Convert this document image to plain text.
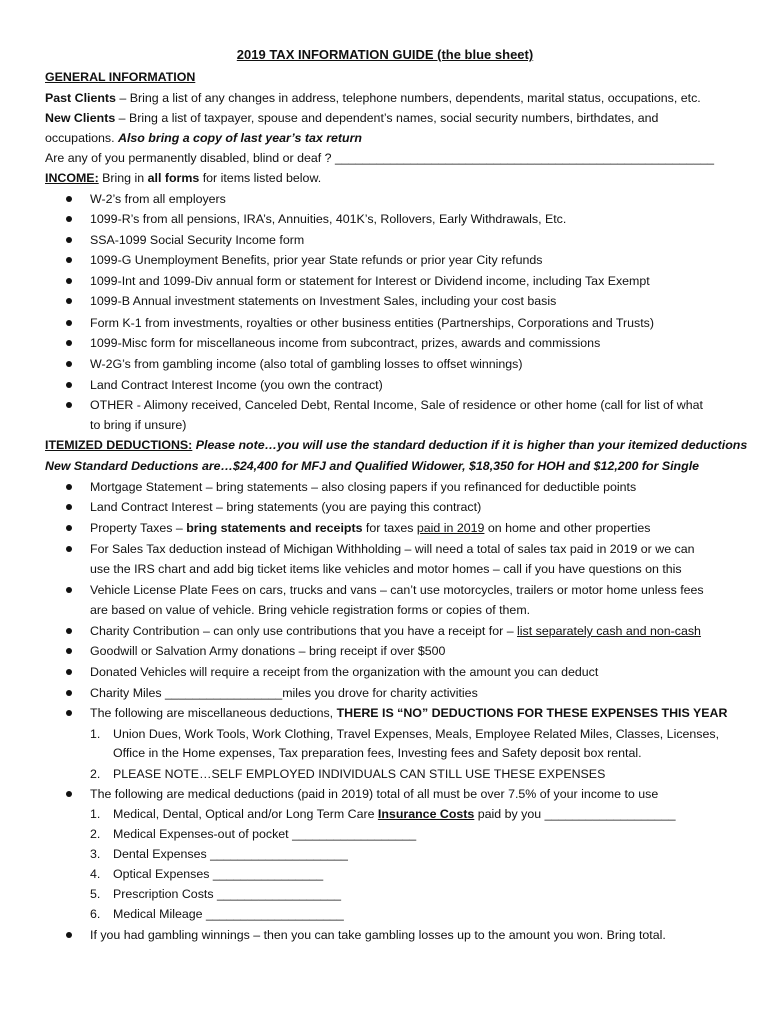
2019 TAX INFORMATION GUIDE (the blue sheet)
GENERAL INFORMATION
Past Clients – Bring a list of any changes in address, telephone numbers, dependents, marital status, occupations, etc.
New Clients – Bring a list of taxpayer, spouse and dependent’s names, social security numbers, birthdates, and
occupations. Also bring a copy of last year’s tax return
Are any of you permanently disabled, blind or deaf ? _______________________________________________________
INCOME: Bring in all forms for items listed below.
W-2’s from all employers
1099-R’s from all pensions, IRA’s, Annuities, 401K’s, Rollovers, Early Withdrawals, Etc.
SSA-1099 Social Security Income form
1099-G Unemployment Benefits, prior year State refunds or prior year City refunds
1099-Int and 1099-Div annual form or statement for Interest or Dividend income, including Tax Exempt
1099-B Annual investment statements on Investment Sales, including your cost basis
Form K-1 from investments, royalties or other business entities (Partnerships, Corporations and Trusts)
1099-Misc form for miscellaneous income from subcontract, prizes, awards and commissions
W-2G’s from gambling income (also total of gambling losses to offset winnings)
Land Contract Interest Income (you own the contract)
OTHER - Alimony received, Canceled Debt, Rental Income, Sale of residence or other home (call for list of what
to bring if unsure)
ITEMIZED DEDUCTIONS: Please note…you will use the standard deduction if it is higher than your itemized deductions
New Standard Deductions are…$24,400 for MFJ and Qualified Widower, $18,350 for HOH and $12,200 for Single
Mortgage Statement – bring statements – also closing papers if you refinanced for deductible points
Land Contract Interest – bring statements (you are paying this contract)
Property Taxes – bring statements and receipts for taxes paid in 2019 on home and other properties
For Sales Tax deduction instead of Michigan Withholding – will need a total of sales tax paid in 2019 or we can
use the IRS chart and add big ticket items like vehicles and motor homes – call if you have questions on this
Vehicle License Plate Fees on cars, trucks and vans – can’t use motorcycles, trailers or motor home unless fees
are based on value of vehicle. Bring vehicle registration forms or copies of them.
Charity Contribution – can only use contributions that you have a receipt for – list separately cash and non-cash
Goodwill or Salvation Army donations – bring receipt if over $500
Donated Vehicles will require a receipt from the organization with the amount you can deduct
Charity Miles _________________miles you drove for charity activities
The following are miscellaneous deductions, THERE IS “NO” DEDUCTIONS FOR THESE EXPENSES THIS YEAR
1. Union Dues, Work Tools, Work Clothing, Travel Expenses, Meals, Employee Related Miles, Classes, Licenses,
Office in the Home expenses, Tax preparation fees, Investing fees and Safety deposit box rental.
2. PLEASE NOTE…SELF EMPLOYED INDIVIDUALS CAN STILL USE THESE EXPENSES
The following are medical deductions (paid in 2019) total of all must be over 7.5% of your income to use
1. Medical, Dental, Optical and/or Long Term Care Insurance Costs paid by you ___________________
2. Medical Expenses-out of pocket __________________
3. Dental Expenses ____________________
4. Optical Expenses ________________
5. Prescription Costs __________________
6. Medical Mileage ____________________
If you had gambling winnings – then you can take gambling losses up to the amount you won. Bring total.
